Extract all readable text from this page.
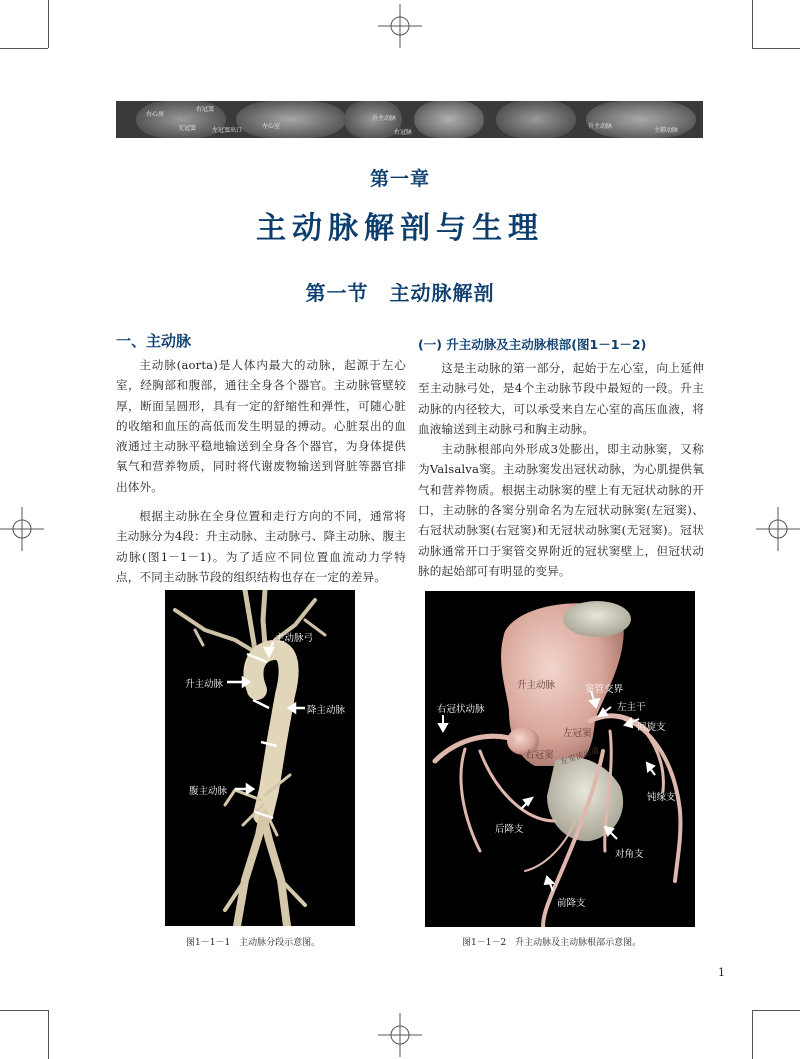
右心房
右冠窦
无冠窦	左冠窦出口
左心室
升主动脉
右冠脉
升主动脉
主肺动脉
第一章
主动脉解剖与生理
第一节　主动脉解剖
一、主动脉

主动脉(aorta)是人体内最大的动脉，起源于左心室，经胸部和腹部，通往全身各个器官。主动脉管壁较厚，断面呈圆形，具有一定的舒缩性和弹性，可随心脏的收缩和血压的高低而发生明显的搏动。心脏泵出的血液通过主动脉平稳地输送到全身各个器官，为身体提供氧气和营养物质，同时将代谢废物输送到肾脏等器官排出体外。

根据主动脉在全身位置和走行方向的不同，通常将主动脉分为4段：升主动脉、主动脉弓、降主动脉、腹主动脉(图1－1－1)。为了适应不同位置血流动力学特点，不同主动脉节段的组织结构也存在一定的差异。

(一) 升主动脉及主动脉根部(图1－1－2)

这是主动脉的第一部分，起始于左心室，向上延伸至主动脉弓处，是4个主动脉节段中最短的一段。升主动脉的内径较大，可以承受来自左心室的高压血液，将血液输送到主动脉弓和胸主动脉。

主动脉根部向外形成3处膨出，即主动脉窦，又称为Valsalva窦。主动脉窦发出冠状动脉，为心肌提供氧气和营养物质。根据主动脉窦的壁上有无冠状动脉的开口，主动脉的各窦分别命名为左冠状动脉窦(左冠窦)、右冠状动脉窦(右冠窦)和无冠状动脉窦(无冠窦)。冠状动脉通常开口于窦管交界附近的冠状窦壁上，但冠状动脉的起始部可有明显的变异。

主动脉弓
升主动脉
降主动脉
腹主动脉
图1－1－1　主动脉分段示意图。
升主动脉	窦管交界
左主干
右冠状动脉
左冠窦
回旋支
右冠窦 左室流出道
钝缘支
后降支
对角支
前降支
图1－1－2　升主动脉及主动脉根部示意图。
1
